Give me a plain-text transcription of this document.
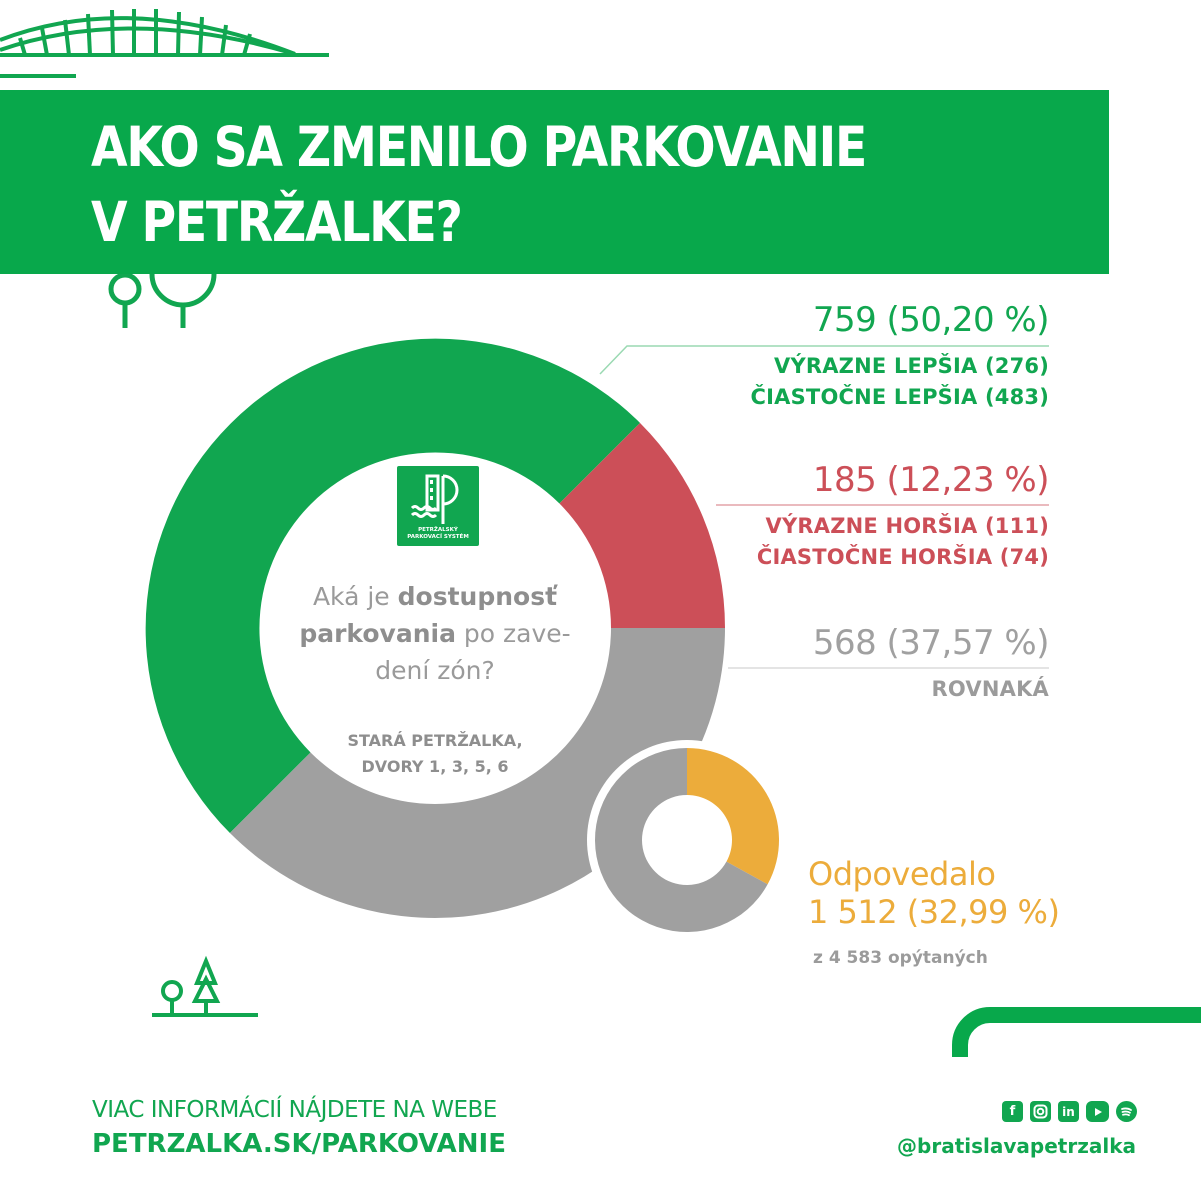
AKO SA ZMENILO PARKOVANIE
V PETRŽALKE?
PETRŽALSKÝ
PARKOVACÍ SYSTÉM
Aká je dostupnosť
parkovania po zave-
dení zón?
STARÁ PETRŽALKA,
DVORY 1, 3, 5, 6
759 (50,20 %)
VÝRAZNE LEPŠIA (276)
ČIASTOČNE LEPŠIA (483)
185 (12,23 %)
VÝRAZNE HORŠIA (111)
ČIASTOČNE HORŠIA (74)
568 (37,57 %)
ROVNAKÁ
Odpovedalo
1 512 (32,99 %)
z 4 583 opýtaných
VIAC INFORMÁCIÍ NÁJDETE NA WEBE
PETRZALKA.SK/PARKOVANIE
f	in
@bratislavapetrzalka
